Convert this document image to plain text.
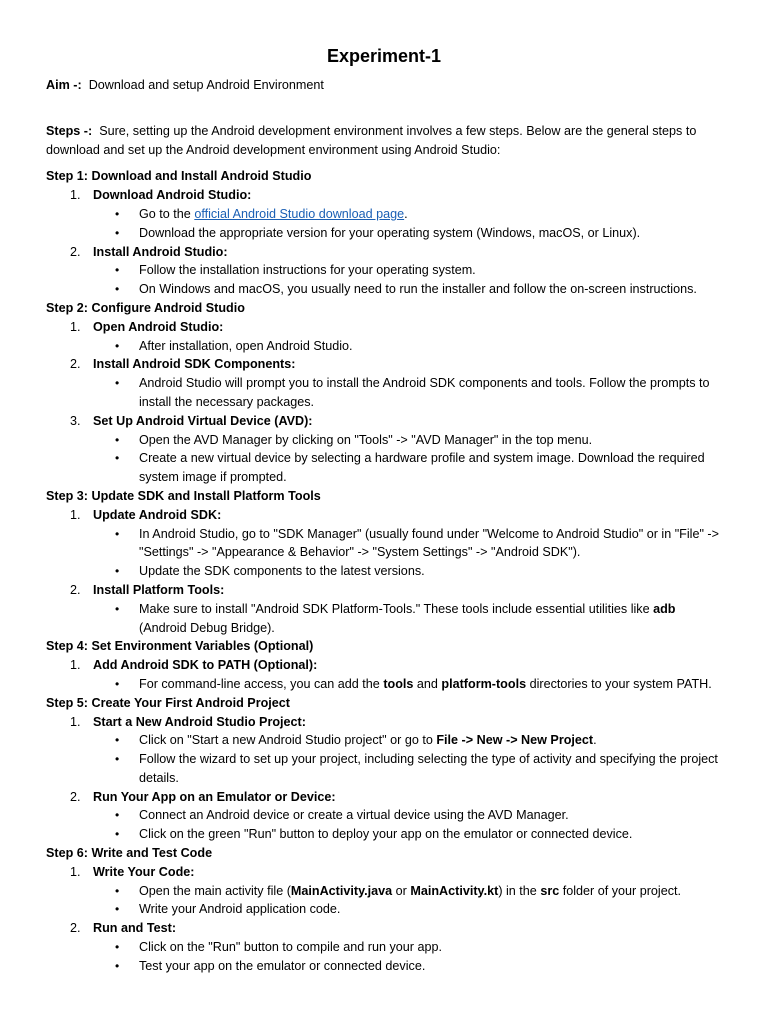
Experiment-1
Aim -: Download and setup Android Environment
Steps -: Sure, setting up the Android development environment involves a few steps. Below are the general steps to download and set up the Android development environment using Android Studio:
Step 1: Download and Install Android Studio
1. Download Android Studio:
• Go to the official Android Studio download page.
• Download the appropriate version for your operating system (Windows, macOS, or Linux).
2. Install Android Studio:
• Follow the installation instructions for your operating system.
• On Windows and macOS, you usually need to run the installer and follow the on-screen instructions.
Step 2: Configure Android Studio
1. Open Android Studio:
• After installation, open Android Studio.
2. Install Android SDK Components:
• Android Studio will prompt you to install the Android SDK components and tools. Follow the prompts to install the necessary packages.
3. Set Up Android Virtual Device (AVD):
• Open the AVD Manager by clicking on "Tools" -> "AVD Manager" in the top menu.
• Create a new virtual device by selecting a hardware profile and system image. Download the required system image if prompted.
Step 3: Update SDK and Install Platform Tools
1. Update Android SDK:
• In Android Studio, go to "SDK Manager" (usually found under "Welcome to Android Studio" or in "File" -> "Settings" -> "Appearance & Behavior" -> "System Settings" -> "Android SDK").
• Update the SDK components to the latest versions.
2. Install Platform Tools:
• Make sure to install "Android SDK Platform-Tools." These tools include essential utilities like adb (Android Debug Bridge).
Step 4: Set Environment Variables (Optional)
1. Add Android SDK to PATH (Optional):
• For command-line access, you can add the tools and platform-tools directories to your system PATH.
Step 5: Create Your First Android Project
1. Start a New Android Studio Project:
• Click on "Start a new Android Studio project" or go to File -> New -> New Project.
• Follow the wizard to set up your project, including selecting the type of activity and specifying the project details.
2. Run Your App on an Emulator or Device:
• Connect an Android device or create a virtual device using the AVD Manager.
• Click on the green "Run" button to deploy your app on the emulator or connected device.
Step 6: Write and Test Code
1. Write Your Code:
• Open the main activity file (MainActivity.java or MainActivity.kt) in the src folder of your project.
• Write your Android application code.
2. Run and Test:
• Click on the "Run" button to compile and run your app.
• Test your app on the emulator or connected device.
